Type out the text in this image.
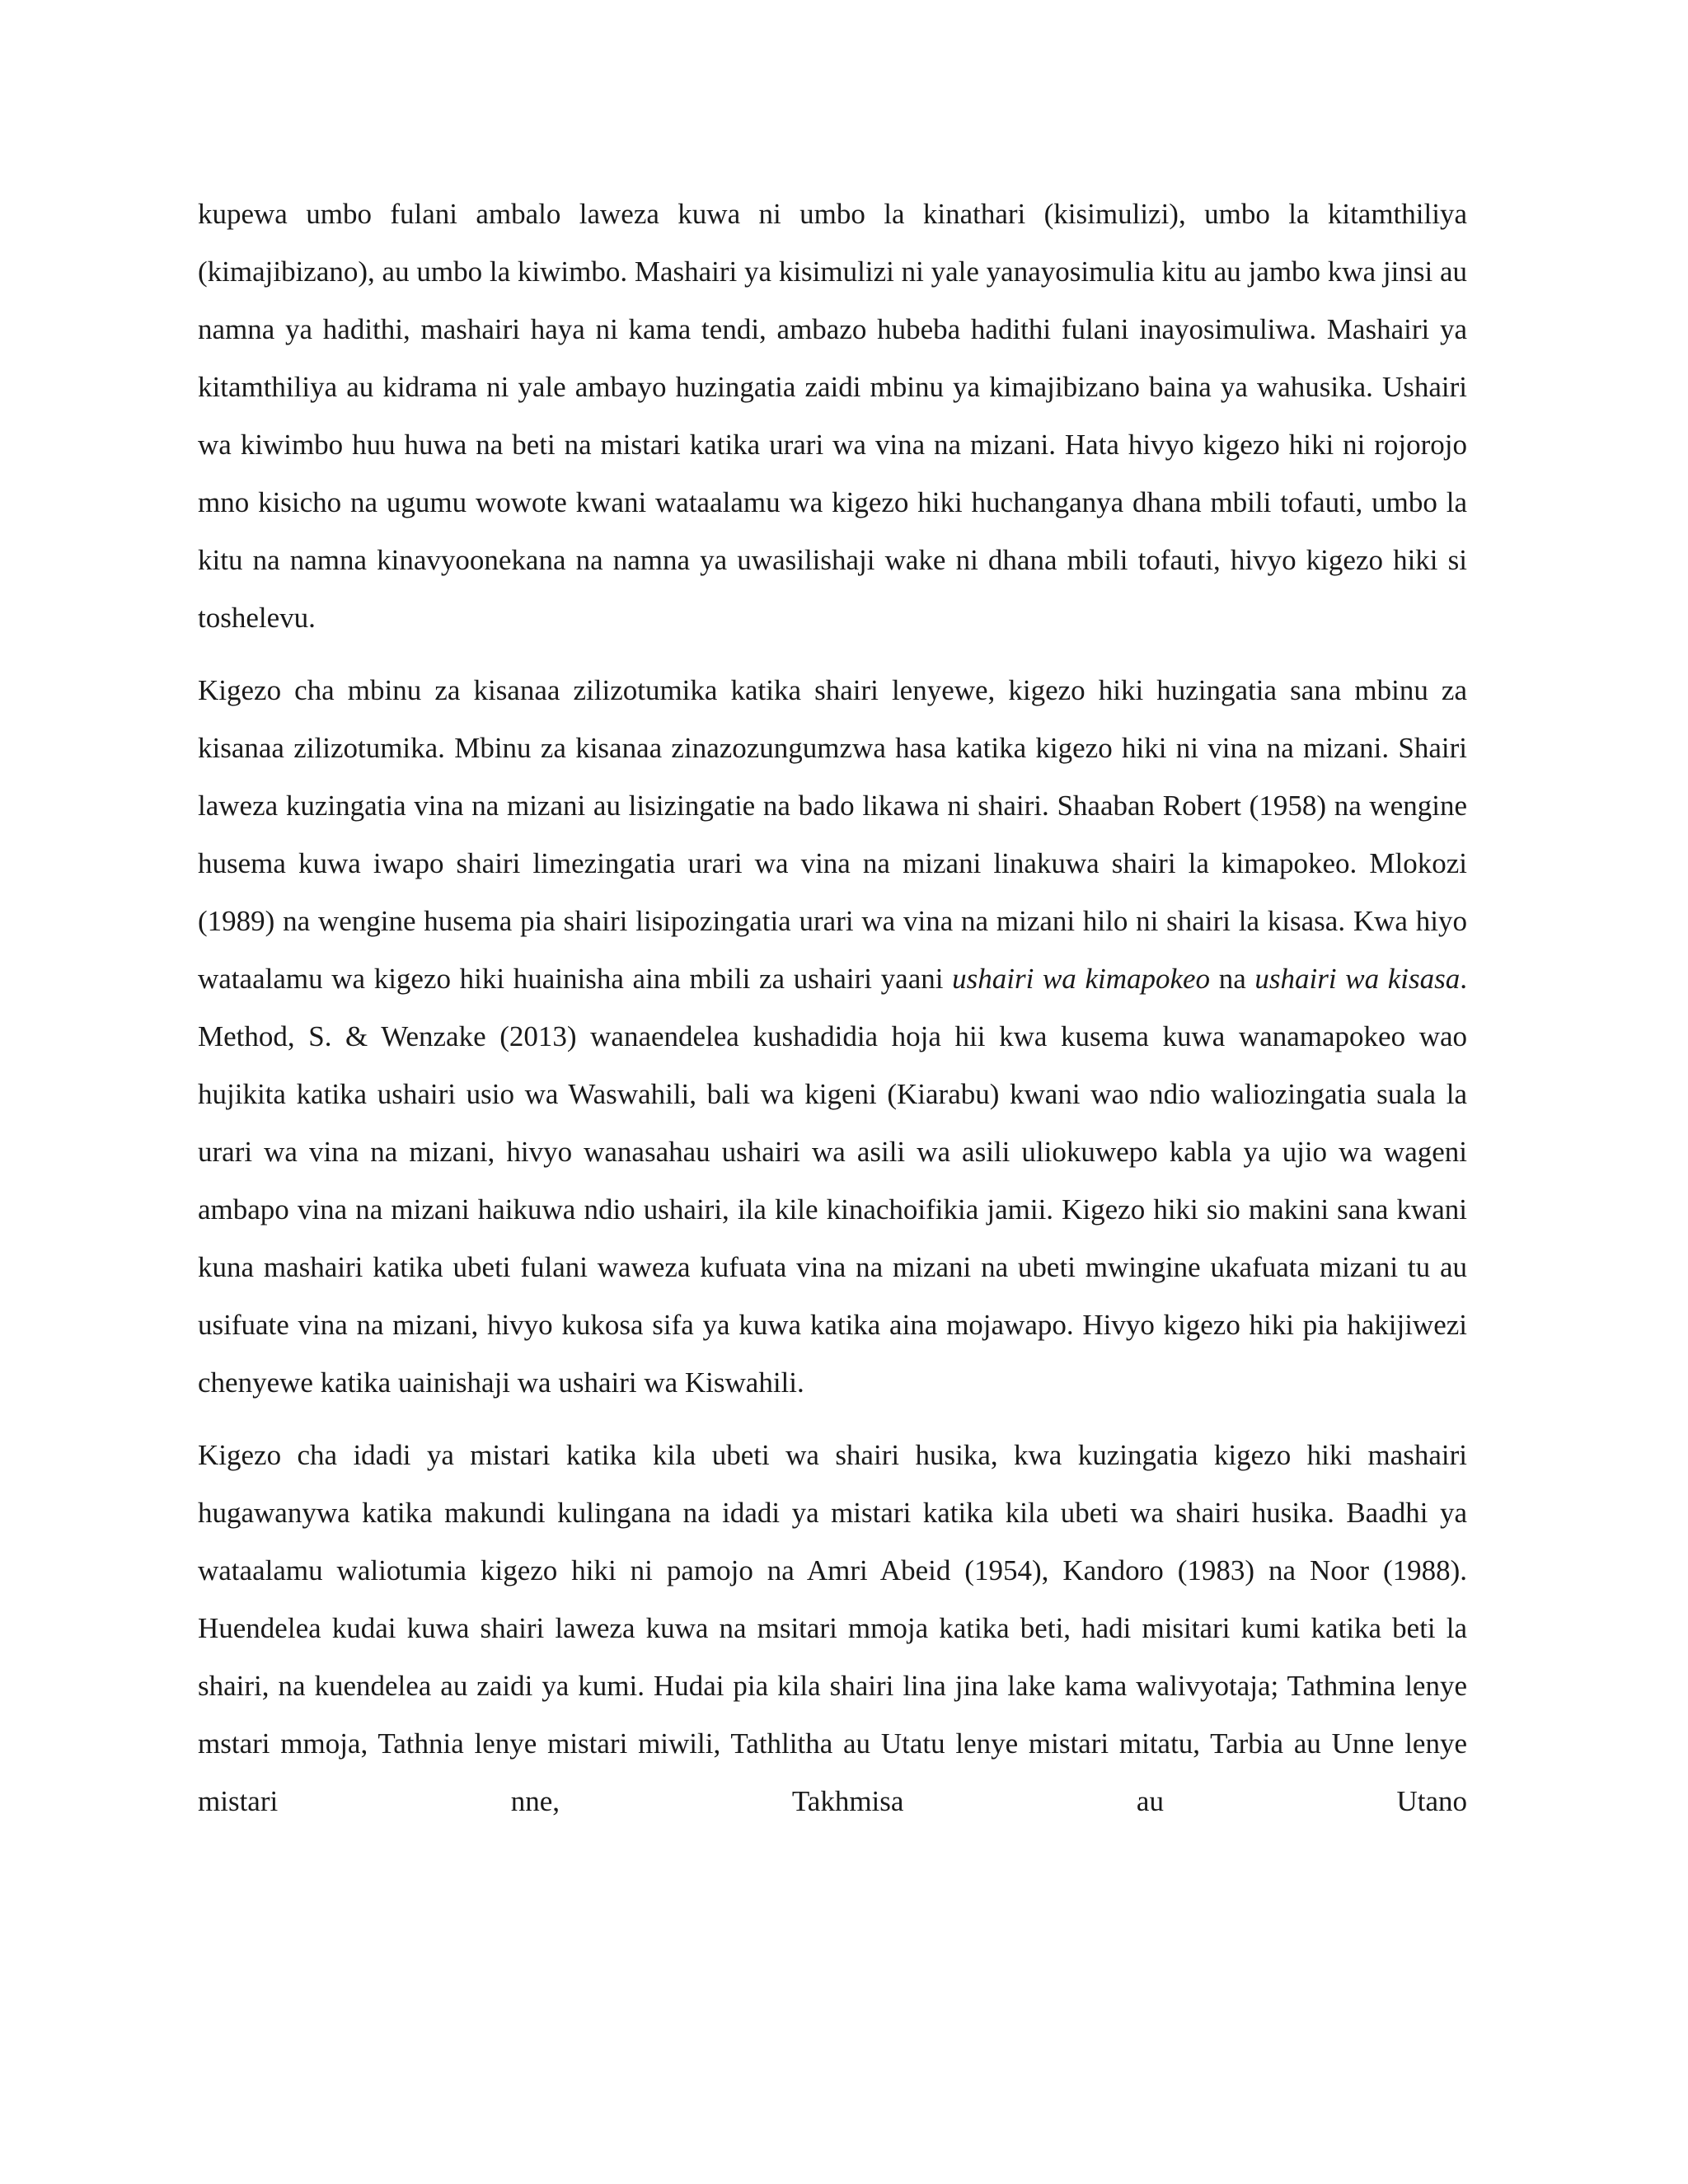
kupewa umbo fulani ambalo laweza kuwa ni umbo la kinathari (kisimulizi), umbo la kitamthiliya (kimajibizano), au umbo la kiwimbo. Mashairi ya kisimulizi ni yale yanayosimulia kitu au jambo kwa jinsi au namna ya hadithi, mashairi haya ni kama tendi, ambazo hubeba hadithi fulani inayosimuliwa. Mashairi ya kitamthiliya au kidrama ni yale ambayo huzingatia zaidi mbinu ya kimajibizano baina ya wahusika. Ushairi wa kiwimbo huu huwa na beti na mistari katika urari wa vina na mizani. Hata hivyo kigezo hiki ni rojorojo mno kisicho na ugumu wowote kwani wataalamu wa kigezo hiki huchanganya dhana mbili tofauti, umbo la kitu na namna kinavyoonekana na namna ya uwasilishaji wake ni dhana mbili tofauti, hivyo kigezo hiki si toshelevu.

Kigezo cha mbinu za kisanaa zilizotumika katika shairi lenyewe, kigezo hiki huzingatia sana mbinu za kisanaa zilizotumika. Mbinu za kisanaa zinazozungumzwa hasa katika kigezo hiki ni vina na mizani. Shairi laweza kuzingatia vina na mizani au lisizingatie na bado likawa ni shairi. Shaaban Robert (1958) na wengine husema kuwa iwapo shairi limezingatia urari wa vina na mizani linakuwa shairi la kimapokeo. Mlokozi (1989) na wengine husema pia shairi lisipozingatia urari wa vina na mizani hilo ni shairi la kisasa. Kwa hiyo wataalamu wa kigezo hiki huainisha aina mbili za ushairi yaani ushairi wa kimapokeo na ushairi wa kisasa. Method, S. & Wenzake (2013) wanaendelea kushadidia hoja hii kwa kusema kuwa wanamapokeo wao hujikita katika ushairi usio wa Waswahili, bali wa kigeni (Kiarabu) kwani wao ndio waliozingatia suala la urari wa vina na mizani, hivyo wanasahau ushairi wa asili wa asili uliokuwepo kabla ya ujio wa wageni ambapo vina na mizani haikuwa ndio ushairi, ila kile kinachoifikia jamii. Kigezo hiki sio makini sana kwani kuna mashairi katika ubeti fulani waweza kufuata vina na mizani na ubeti mwingine ukafuata mizani tu au usifuate vina na mizani, hivyo kukosa sifa ya kuwa katika aina mojawapo. Hivyo kigezo hiki pia hakijiwezi chenyewe katika uainishaji wa ushairi wa Kiswahili.

Kigezo cha idadi ya mistari katika kila ubeti wa shairi husika, kwa kuzingatia kigezo hiki mashairi hugawanywa katika makundi kulingana na idadi ya mistari katika kila ubeti wa shairi husika. Baadhi ya wataalamu waliotumia kigezo hiki ni pamojo na Amri Abeid (1954), Kandoro (1983) na Noor (1988). Huendelea kudai kuwa shairi laweza kuwa na msitari mmoja katika beti, hadi misitari kumi katika beti la shairi, na kuendelea au zaidi ya kumi. Hudai pia kila shairi lina jina lake kama walivyotaja; Tathmina lenye mstari mmoja, Tathnia lenye mistari miwili, Tathlitha au Utatu lenye mistari mitatu, Tarbia au Unne lenye mistari nne, Takhmisa au Utano
